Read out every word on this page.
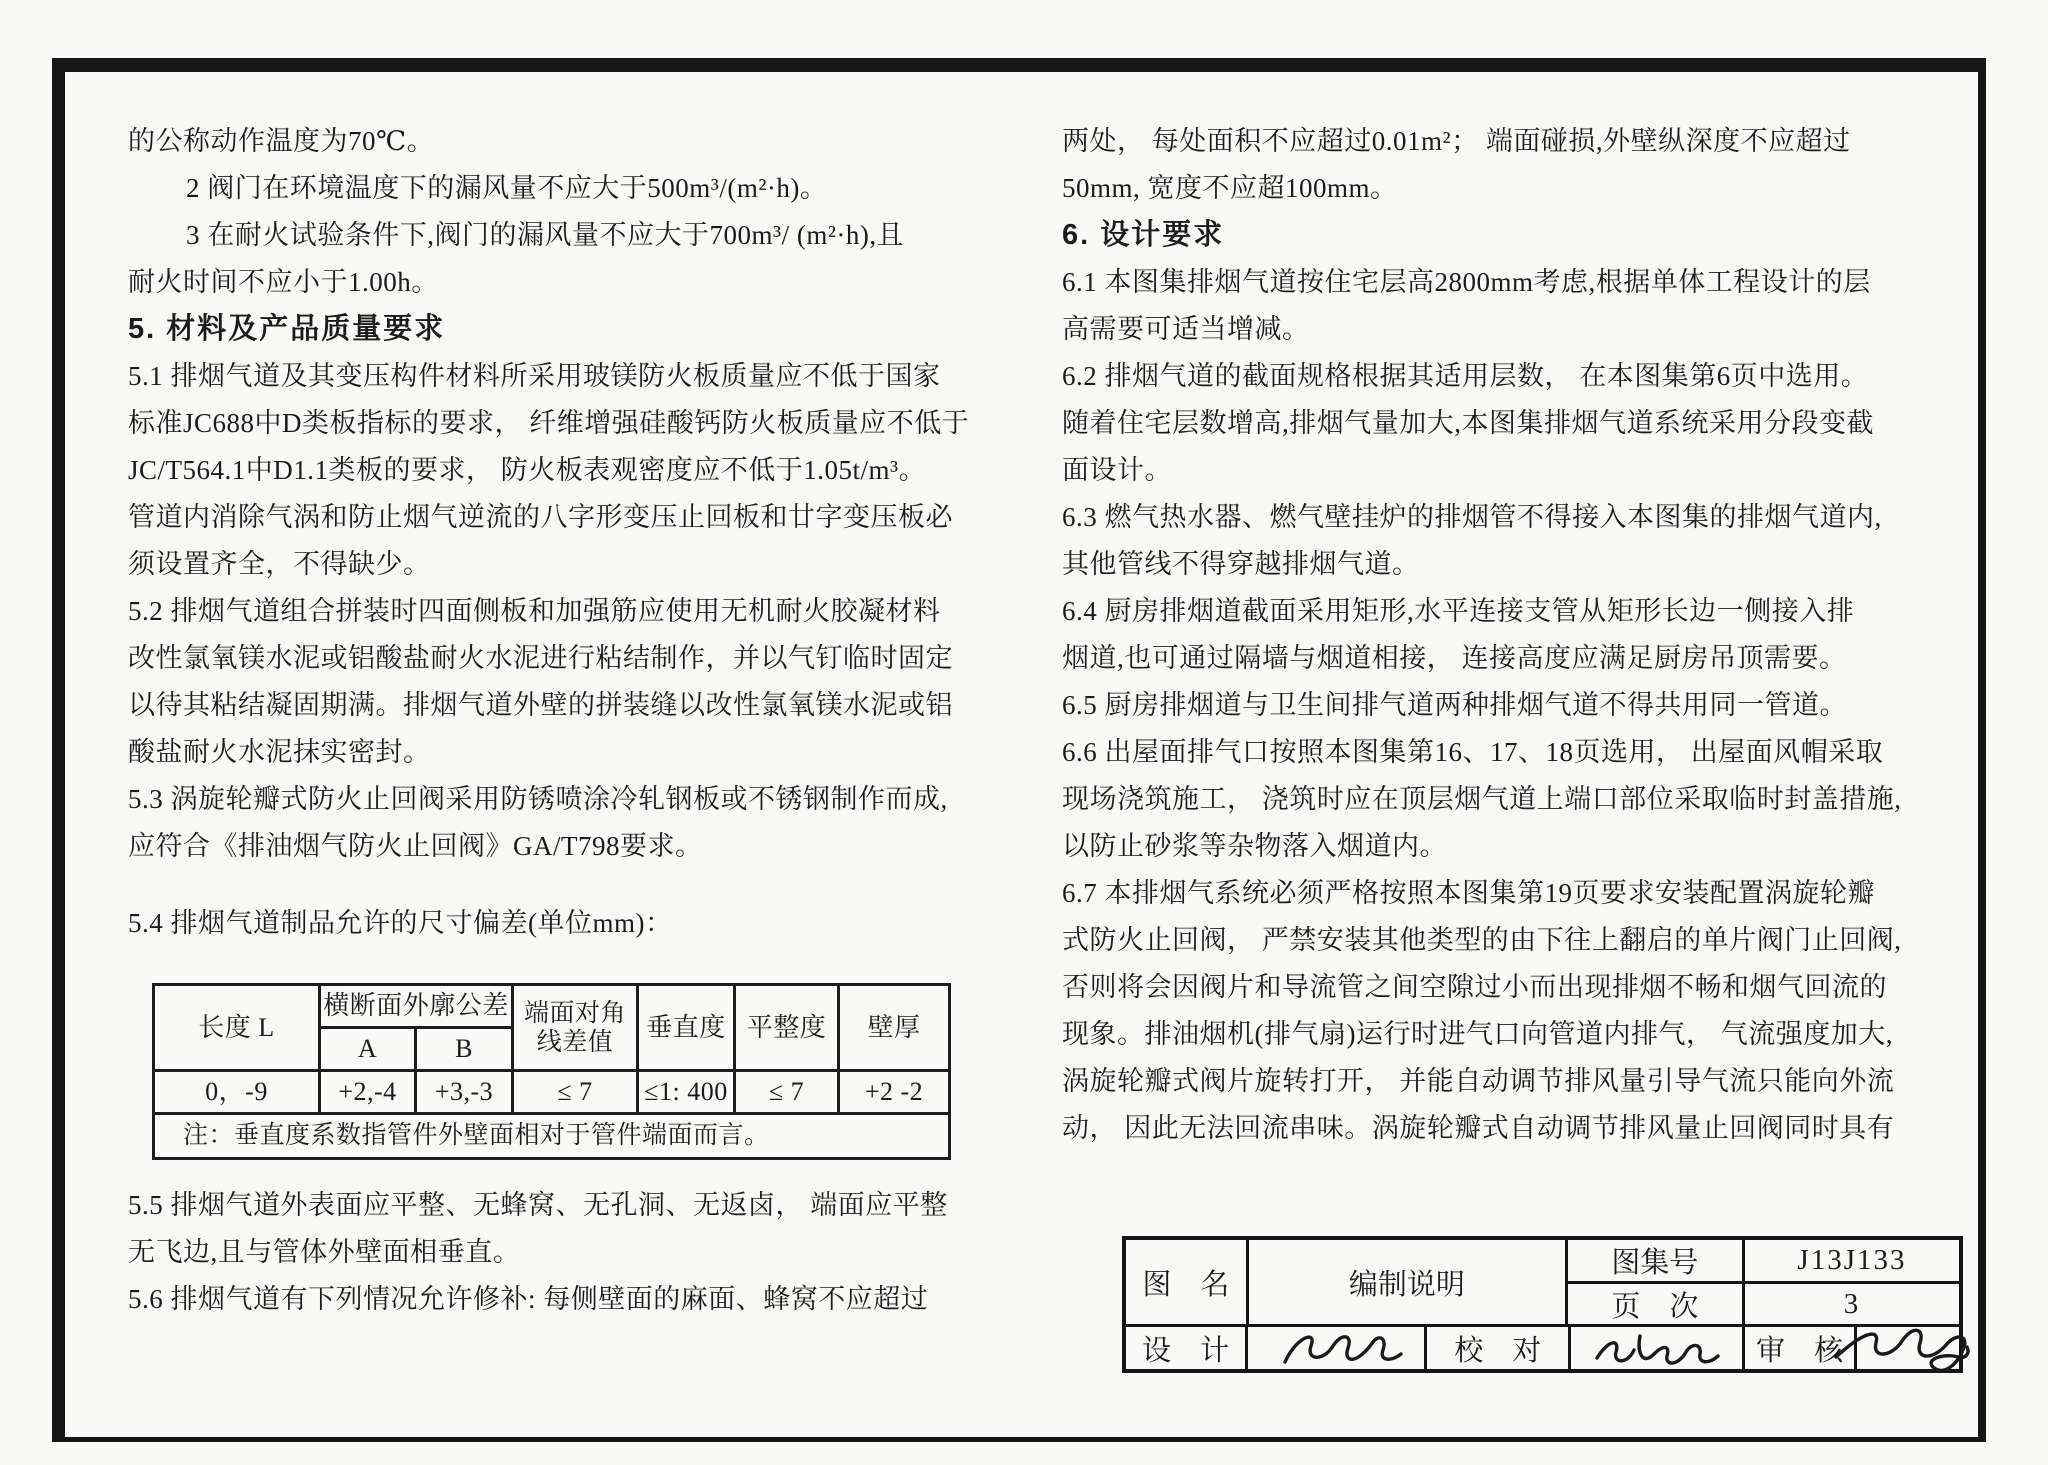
的公称动作温度为70℃。
2 阀门在环境温度下的漏风量不应大于500m³/(m²·h)。
3 在耐火试验条件下,阀门的漏风量不应大于700m³/ (m²·h),且
耐火时间不应小于1.00h。
5. 材料及产品质量要求
5.1 排烟气道及其变压构件材料所采用玻镁防火板质量应不低于国家
标准JC688中D类板指标的要求， 纤维增强硅酸钙防火板质量应不低于
JC/T564.1中D1.1类板的要求， 防火板表观密度应不低于1.05t/m³。
管道内消除气涡和防止烟气逆流的八字形变压止回板和廿字变压板必
须设置齐全，不得缺少。
5.2 排烟气道组合拼装时四面侧板和加强筋应使用无机耐火胶凝材料
改性氯氧镁水泥或铝酸盐耐火水泥进行粘结制作，并以气钉临时固定
以待其粘结凝固期满。排烟气道外壁的拼装缝以改性氯氧镁水泥或铝
酸盐耐火水泥抹实密封。
5.3 涡旋轮瓣式防火止回阀采用防锈喷涂冷轧钢板或不锈钢制作而成,
应符合《排油烟气防火止回阀》GA/T798要求。
5.4 排烟气道制品允许的尺寸偏差(单位mm)：
长度 L	横断面外廓公差		端面对角线差值	垂直度	平整度	壁厚
	A	B				
0，-9	+2,-4	+3,-3	≤ 7	≤1: 400	≤ 7	+2 -2
注：垂直度系数指管件外壁面相对于管件端面而言。						
5.5 排烟气道外表面应平整、无蜂窝、无孔洞、无返卤， 端面应平整
无飞边,且与管体外壁面相垂直。
5.6 排烟气道有下列情况允许修补: 每侧壁面的麻面、蜂窝不应超过
两处， 每处面积不应超过0.01m²； 端面碰损,外壁纵深度不应超过
50mm, 宽度不应超100mm。
6. 设计要求
6.1 本图集排烟气道按住宅层高2800mm考虑,根据单体工程设计的层
高需要可适当增减。
6.2 排烟气道的截面规格根据其适用层数， 在本图集第6页中选用。
随着住宅层数增高,排烟气量加大,本图集排烟气道系统采用分段变截
面设计。
6.3 燃气热水器、燃气壁挂炉的排烟管不得接入本图集的排烟气道内,
其他管线不得穿越排烟气道。
6.4 厨房排烟道截面采用矩形,水平连接支管从矩形长边一侧接入排
烟道,也可通过隔墙与烟道相接， 连接高度应满足厨房吊顶需要。
6.5 厨房排烟道与卫生间排气道两种排烟气道不得共用同一管道。
6.6 出屋面排气口按照本图集第16、17、18页选用， 出屋面风帽采取
现场浇筑施工， 浇筑时应在顶层烟气道上端口部位采取临时封盖措施,
以防止砂浆等杂物落入烟道内。
6.7 本排烟气系统必须严格按照本图集第19页要求安装配置涡旋轮瓣
式防火止回阀， 严禁安装其他类型的由下往上翻启的单片阀门止回阀,
否则将会因阀片和导流管之间空隙过小而出现排烟不畅和烟气回流的
现象。排油烟机(排气扇)运行时进气口向管道内排气， 气流强度加大,
涡旋轮瓣式阀片旋转打开， 并能自动调节排风量引导气流只能向外流
动， 因此无法回流串味。涡旋轮瓣式自动调节排风量止回阀同时具有
图　名	编制说明
图集号	J13J133
页　次	3
设　计	校　对	审　核
